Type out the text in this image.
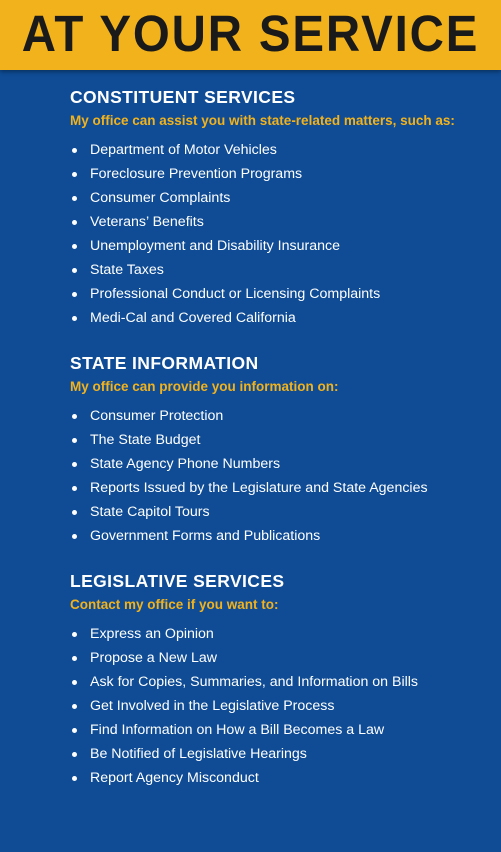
AT YOUR SERVICE
CONSTITUENT SERVICES
My office can assist you with state-related matters, such as:
Department of Motor Vehicles
Foreclosure Prevention Programs
Consumer Complaints
Veterans’ Benefits
Unemployment and Disability Insurance
State Taxes
Professional Conduct or Licensing Complaints
Medi-Cal and Covered California
STATE INFORMATION
My office can provide you information on:
Consumer Protection
The State Budget
State Agency Phone Numbers
Reports Issued by the Legislature and State Agencies
State Capitol Tours
Government Forms and Publications
LEGISLATIVE SERVICES
Contact my office if you want to:
Express an Opinion
Propose a New Law
Ask for Copies, Summaries, and Information on Bills
Get Involved in the Legislative Process
Find Information on How a Bill Becomes a Law
Be Notified of Legislative Hearings
Report Agency Misconduct
